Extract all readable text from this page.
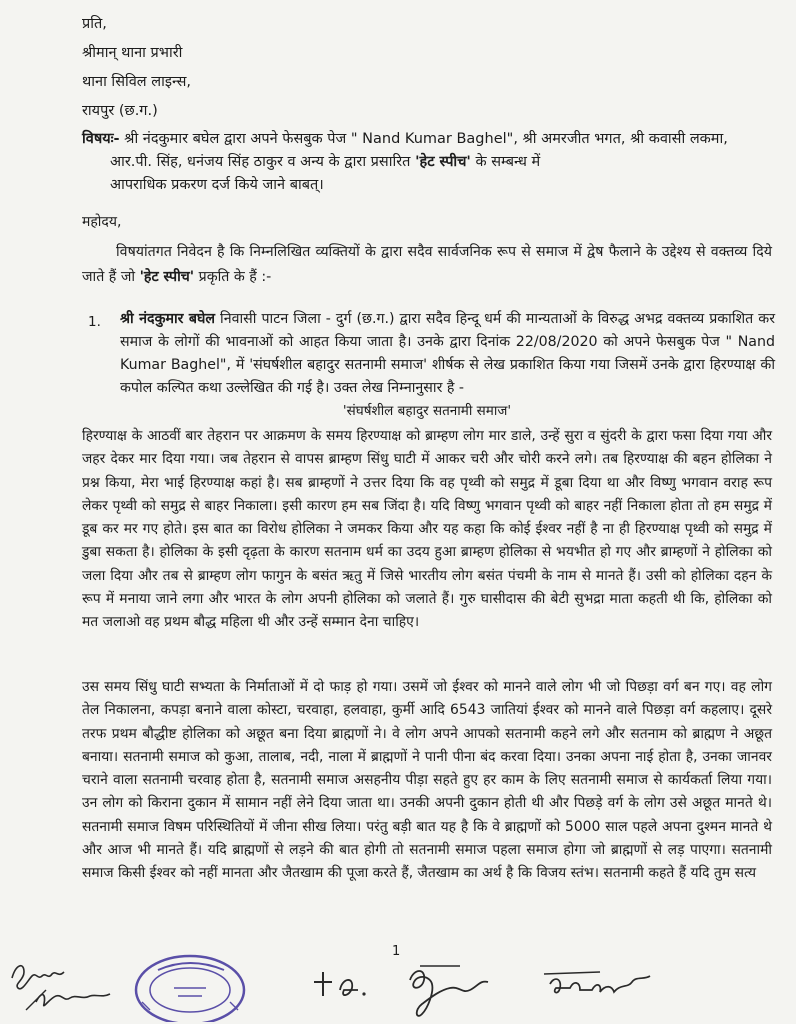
प्रति,
श्रीमान् थाना प्रभारी
थाना सिविल लाइन्स,
रायपुर (छ.ग.)
विषयः- श्री नंदकुमार बघेल द्वारा अपने फेसबुक पेज " Nand Kumar Baghel", श्री अमरजीत भगत, श्री कवासी लकमा,
आर.पी. सिंह, धनंजय सिंह ठाकुर व अन्य के द्वारा प्रसारित 'हेट स्पीच' के सम्बन्ध में
आपराधिक प्रकरण दर्ज किये जाने बाबत्।
महोदय,
विषयांतगत निवेदन है कि निम्नलिखित व्यक्तियों के द्वारा सदैव सार्वजनिक रूप से समाज में द्वेष फैलाने के उद्देश्य से वक्तव्य दिये जाते हैं जो 'हेट स्पीच' प्रकृति के हैं :-
1. श्री नंदकुमार बघेल निवासी पाटन जिला - दुर्ग (छ.ग.) द्वारा सदैव हिन्दू धर्म की मान्यताओं के विरुद्ध अभद्र वक्तव्य प्रकाशित कर समाज के लोगों की भावनाओं को आहत किया जाता है। उनके द्वारा दिनांक 22/08/2020 को अपने फेसबुक पेज " Nand Kumar Baghel", में 'संघर्षशील बहादुर सतनामी समाज' शीर्षक से लेख प्रकाशित किया गया जिसमें उनके द्वारा हिरण्याक्ष की कपोल कल्पित कथा उल्लेखित की गई है। उक्त लेख निम्नानुसार है -
'संघर्षशील बहादुर सतनामी समाज'
हिरण्याक्ष के आठवीं बार तेहरान पर आक्रमण के समय हिरण्याक्ष को ब्राम्हण लोग मार डाले, उन्हें सुरा व सुंदरी के द्वारा फसा दिया गया और जहर देकर मार दिया गया। जब तेहरान से वापस ब्राम्हण सिंधु घाटी में आकर चरी और चोरी करने लगे। तब हिरण्याक्ष की बहन होलिका ने प्रश्न किया, मेरा भाई हिरण्याक्ष कहां है। सब ब्राम्हणों ने उत्तर दिया कि वह पृथ्वी को समुद्र में डूबा दिया था और विष्णु भगवान वराह रूप लेकर पृथ्वी को समुद्र से बाहर निकाला। इसी कारण हम सब जिंदा है। यदि विष्णु भगवान पृथ्वी को बाहर नहीं निकाला होता तो हम समुद्र में डूब कर मर गए होते। इस बात का विरोध होलिका ने जमकर किया और यह कहा कि कोई ईश्वर नहीं है ना ही हिरण्याक्ष पृथ्वी को समुद्र में डुबा सकता है। होलिका के इसी दृढ़ता के कारण सतनाम धर्म का उदय हुआ ब्राम्हण होलिका से भयभीत हो गए और ब्राम्हणों ने होलिका को जला दिया और तब से ब्राम्हण लोग फागुन के बसंत ऋतु में जिसे भारतीय लोग बसंत पंचमी के नाम से मानते हैं। उसी को होलिका दहन के रूप में मनाया जाने लगा और भारत के लोग अपनी होलिका को जलाते हैं। गुरु घासीदास की बेटी सुभद्रा माता कहती थी कि, होलिका को मत जलाओ वह प्रथम बौद्ध महिला थी और उन्हें सम्मान देना चाहिए।
उस समय सिंधु घाटी सभ्यता के निर्माताओं में दो फाड़ हो गया। उसमें जो ईश्वर को मानने वाले लोग भी जो पिछड़ा वर्ग बन गए। वह लोग तेल निकालना, कपड़ा बनाने वाला कोस्टा, चरवाहा, हलवाहा, कुर्मी आदि 6543 जातियां ईश्वर को मानने वाले पिछड़ा वर्ग कहलाए। दूसरे तरफ प्रथम बौद्धीष्ट होलिका को अछूत बना दिया ब्राह्मणों ने। वे लोग अपने आपको सतनामी कहने लगे और सतनाम को ब्राह्मण ने अछूत बनाया। सतनामी समाज को कुआ, तालाब, नदी, नाला में ब्राह्मणों ने पानी पीना बंद करवा दिया। उनका अपना नाई होता है, उनका जानवर चराने वाला सतनामी चरवाह होता है, सतनामी समाज असहनीय पीड़ा सहते हुए हर काम के लिए सतनामी समाज से कार्यकर्ता लिया गया। उन लोग को किराना दुकान में सामान नहीं लेने दिया जाता था। उनकी अपनी दुकान होती थी और पिछड़े वर्ग के लोग उसे अछूत मानते थे। सतनामी समाज विषम परिस्थितियों में जीना सीख लिया। परंतु बड़ी बात यह है कि वे ब्राह्मणों को 5000 साल पहले अपना दुश्मन मानते थे और आज भी मानते हैं। यदि ब्राह्मणों से लड़ने की बात होगी तो सतनामी समाज पहला समाज होगा जो ब्राह्मणों से लड़ पाएगा। सतनामी समाज किसी ईश्वर को नहीं मानता और जैतखाम की पूजा करते हैं, जैतखाम का अर्थ है कि विजय स्तंभ। सतनामी कहते हैं यदि तुम सत्य
1
